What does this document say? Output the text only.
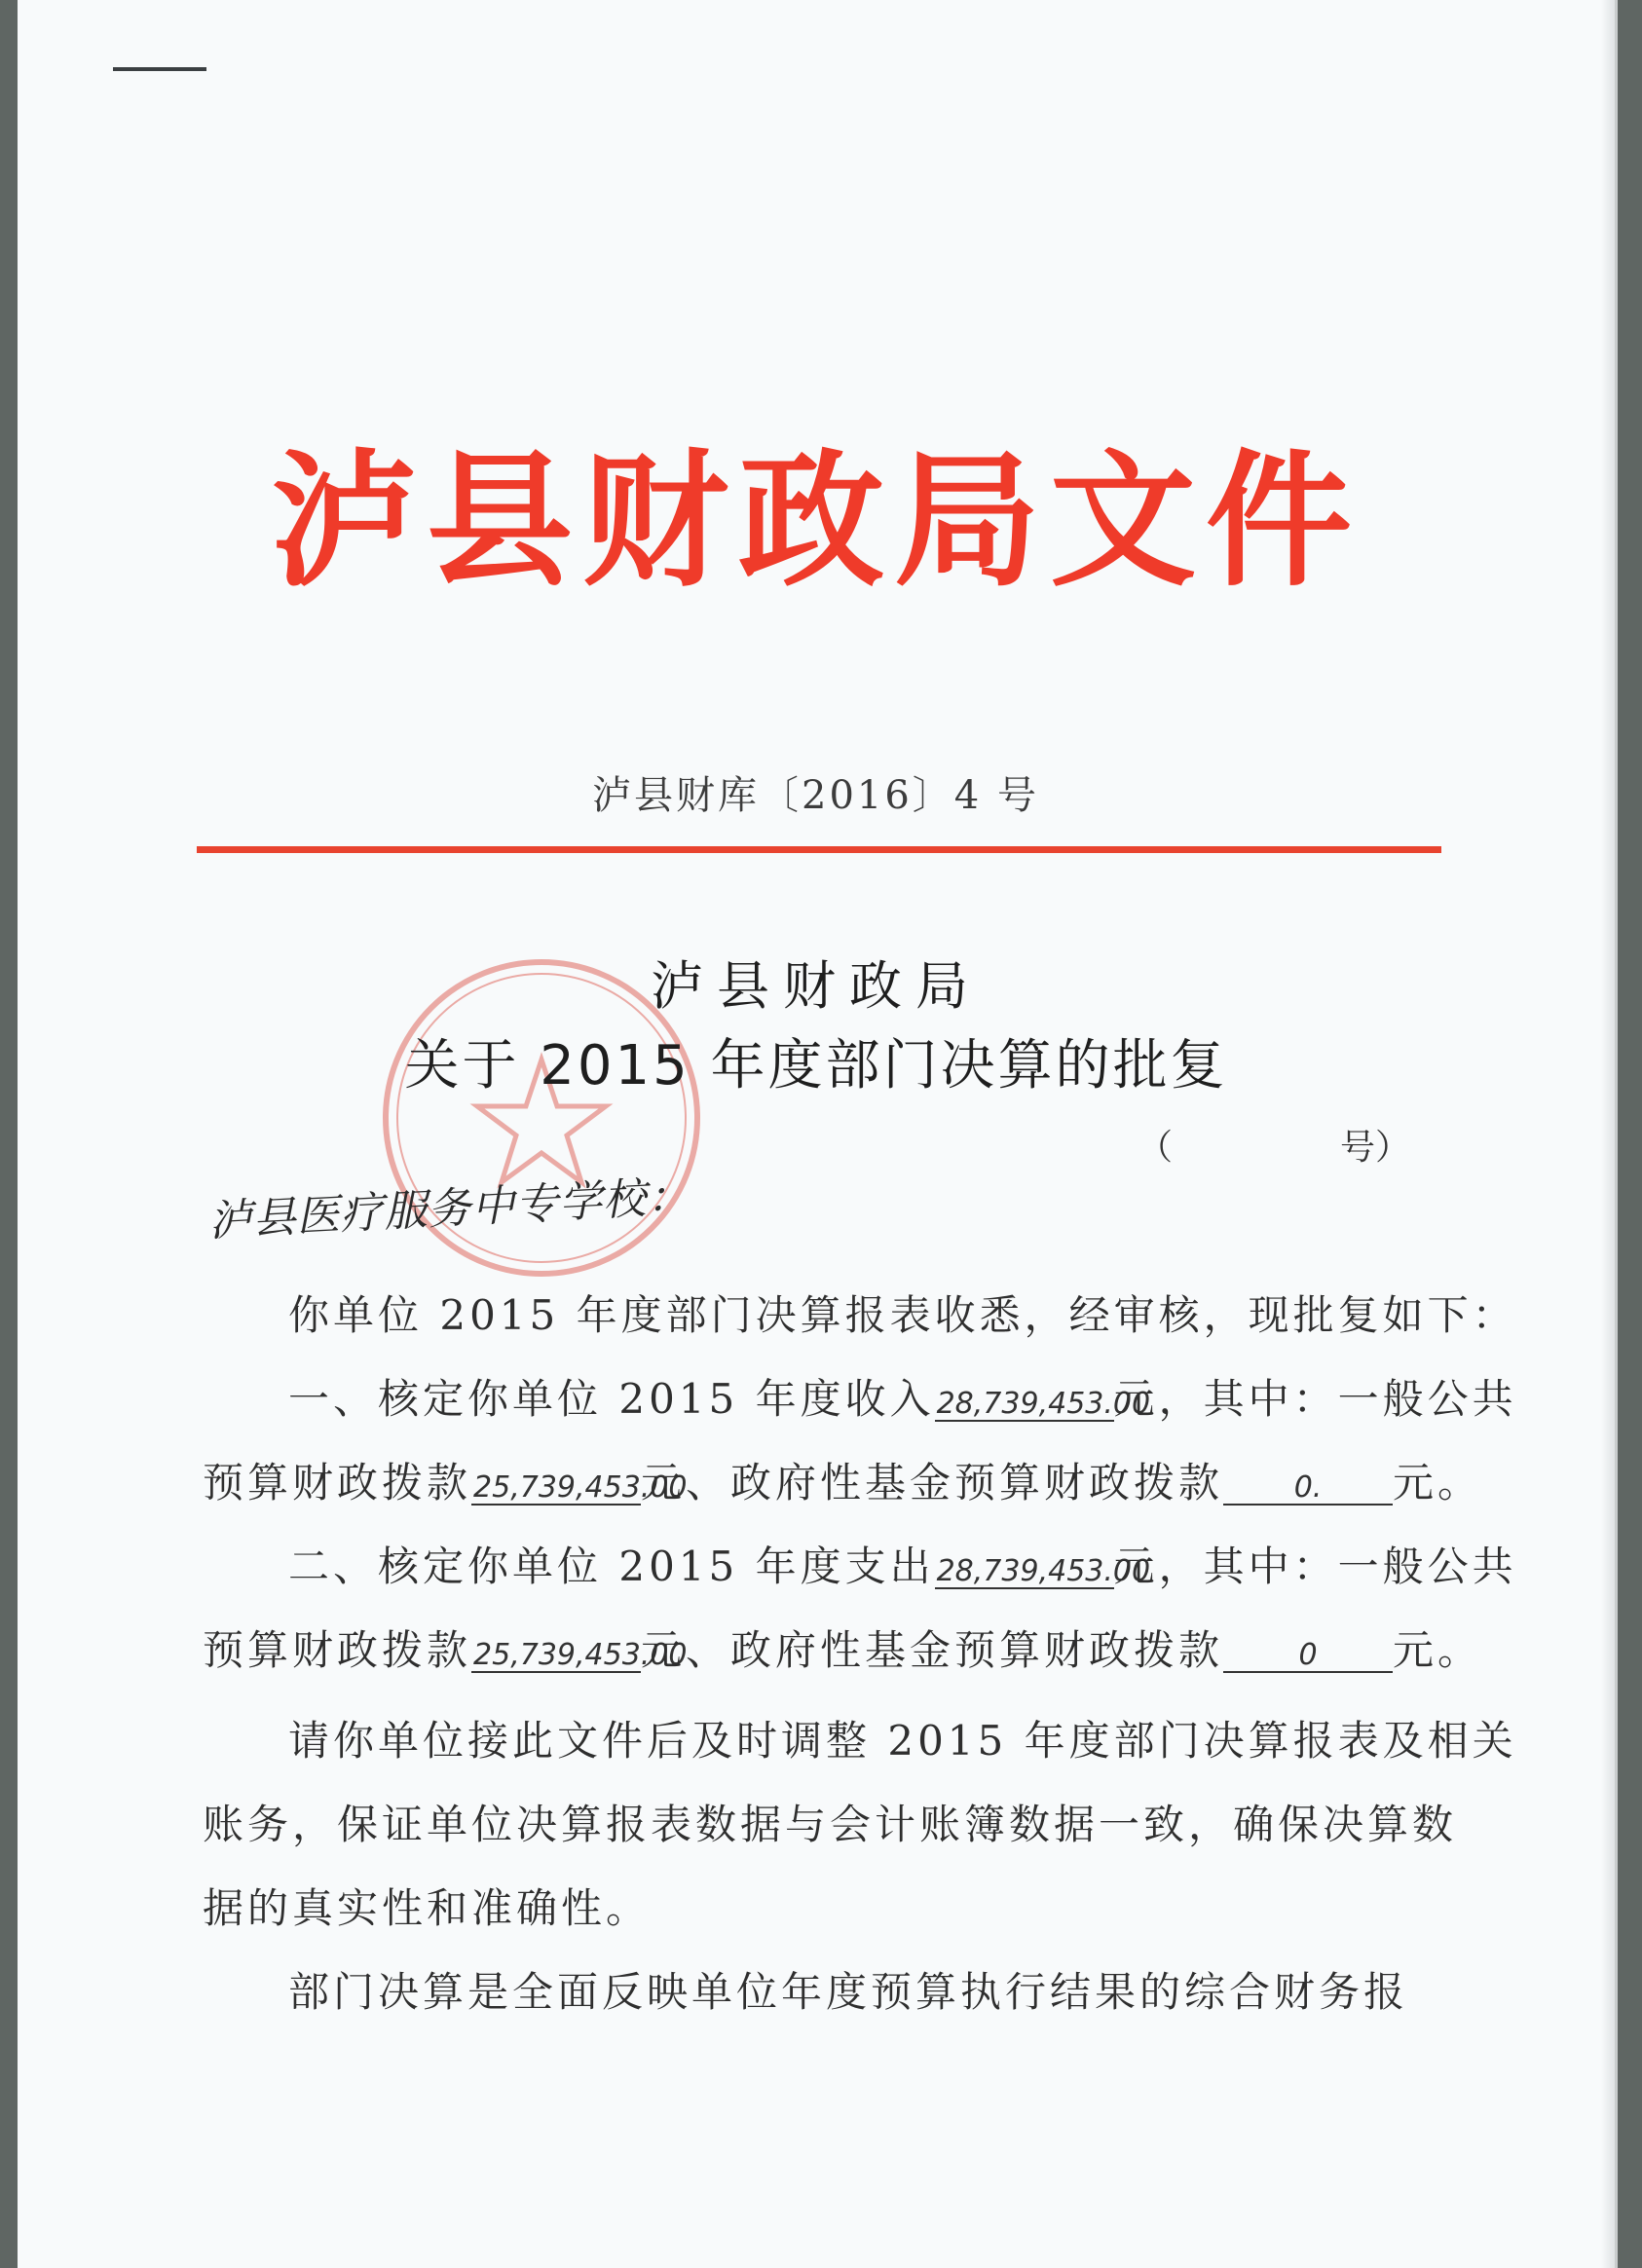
泸县财政局文件
泸县财库〔2016〕4 号
泸县财政局
关于 2015 年度部门决算的批复
（	号）
泸县医疗服务中专学校：
你单位 2015 年度部门决算报表收悉，经审核，现批复如下：
一、核定你单位 2015 年度收入28,739,453.00元，其中：一般公共
预算财政拨款25,739,453.00元、政府性基金预算财政拨款 0. 元。
二、核定你单位 2015 年度支出28,739,453.00元，其中：一般公共
预算财政拨款25,739,453.00元、政府性基金预算财政拨款	0 元。
请你单位接此文件后及时调整 2015 年度部门决算报表及相关
账务，保证单位决算报表数据与会计账簿数据一致，确保决算数
据的真实性和准确性。
部门决算是全面反映单位年度预算执行结果的综合财务报
